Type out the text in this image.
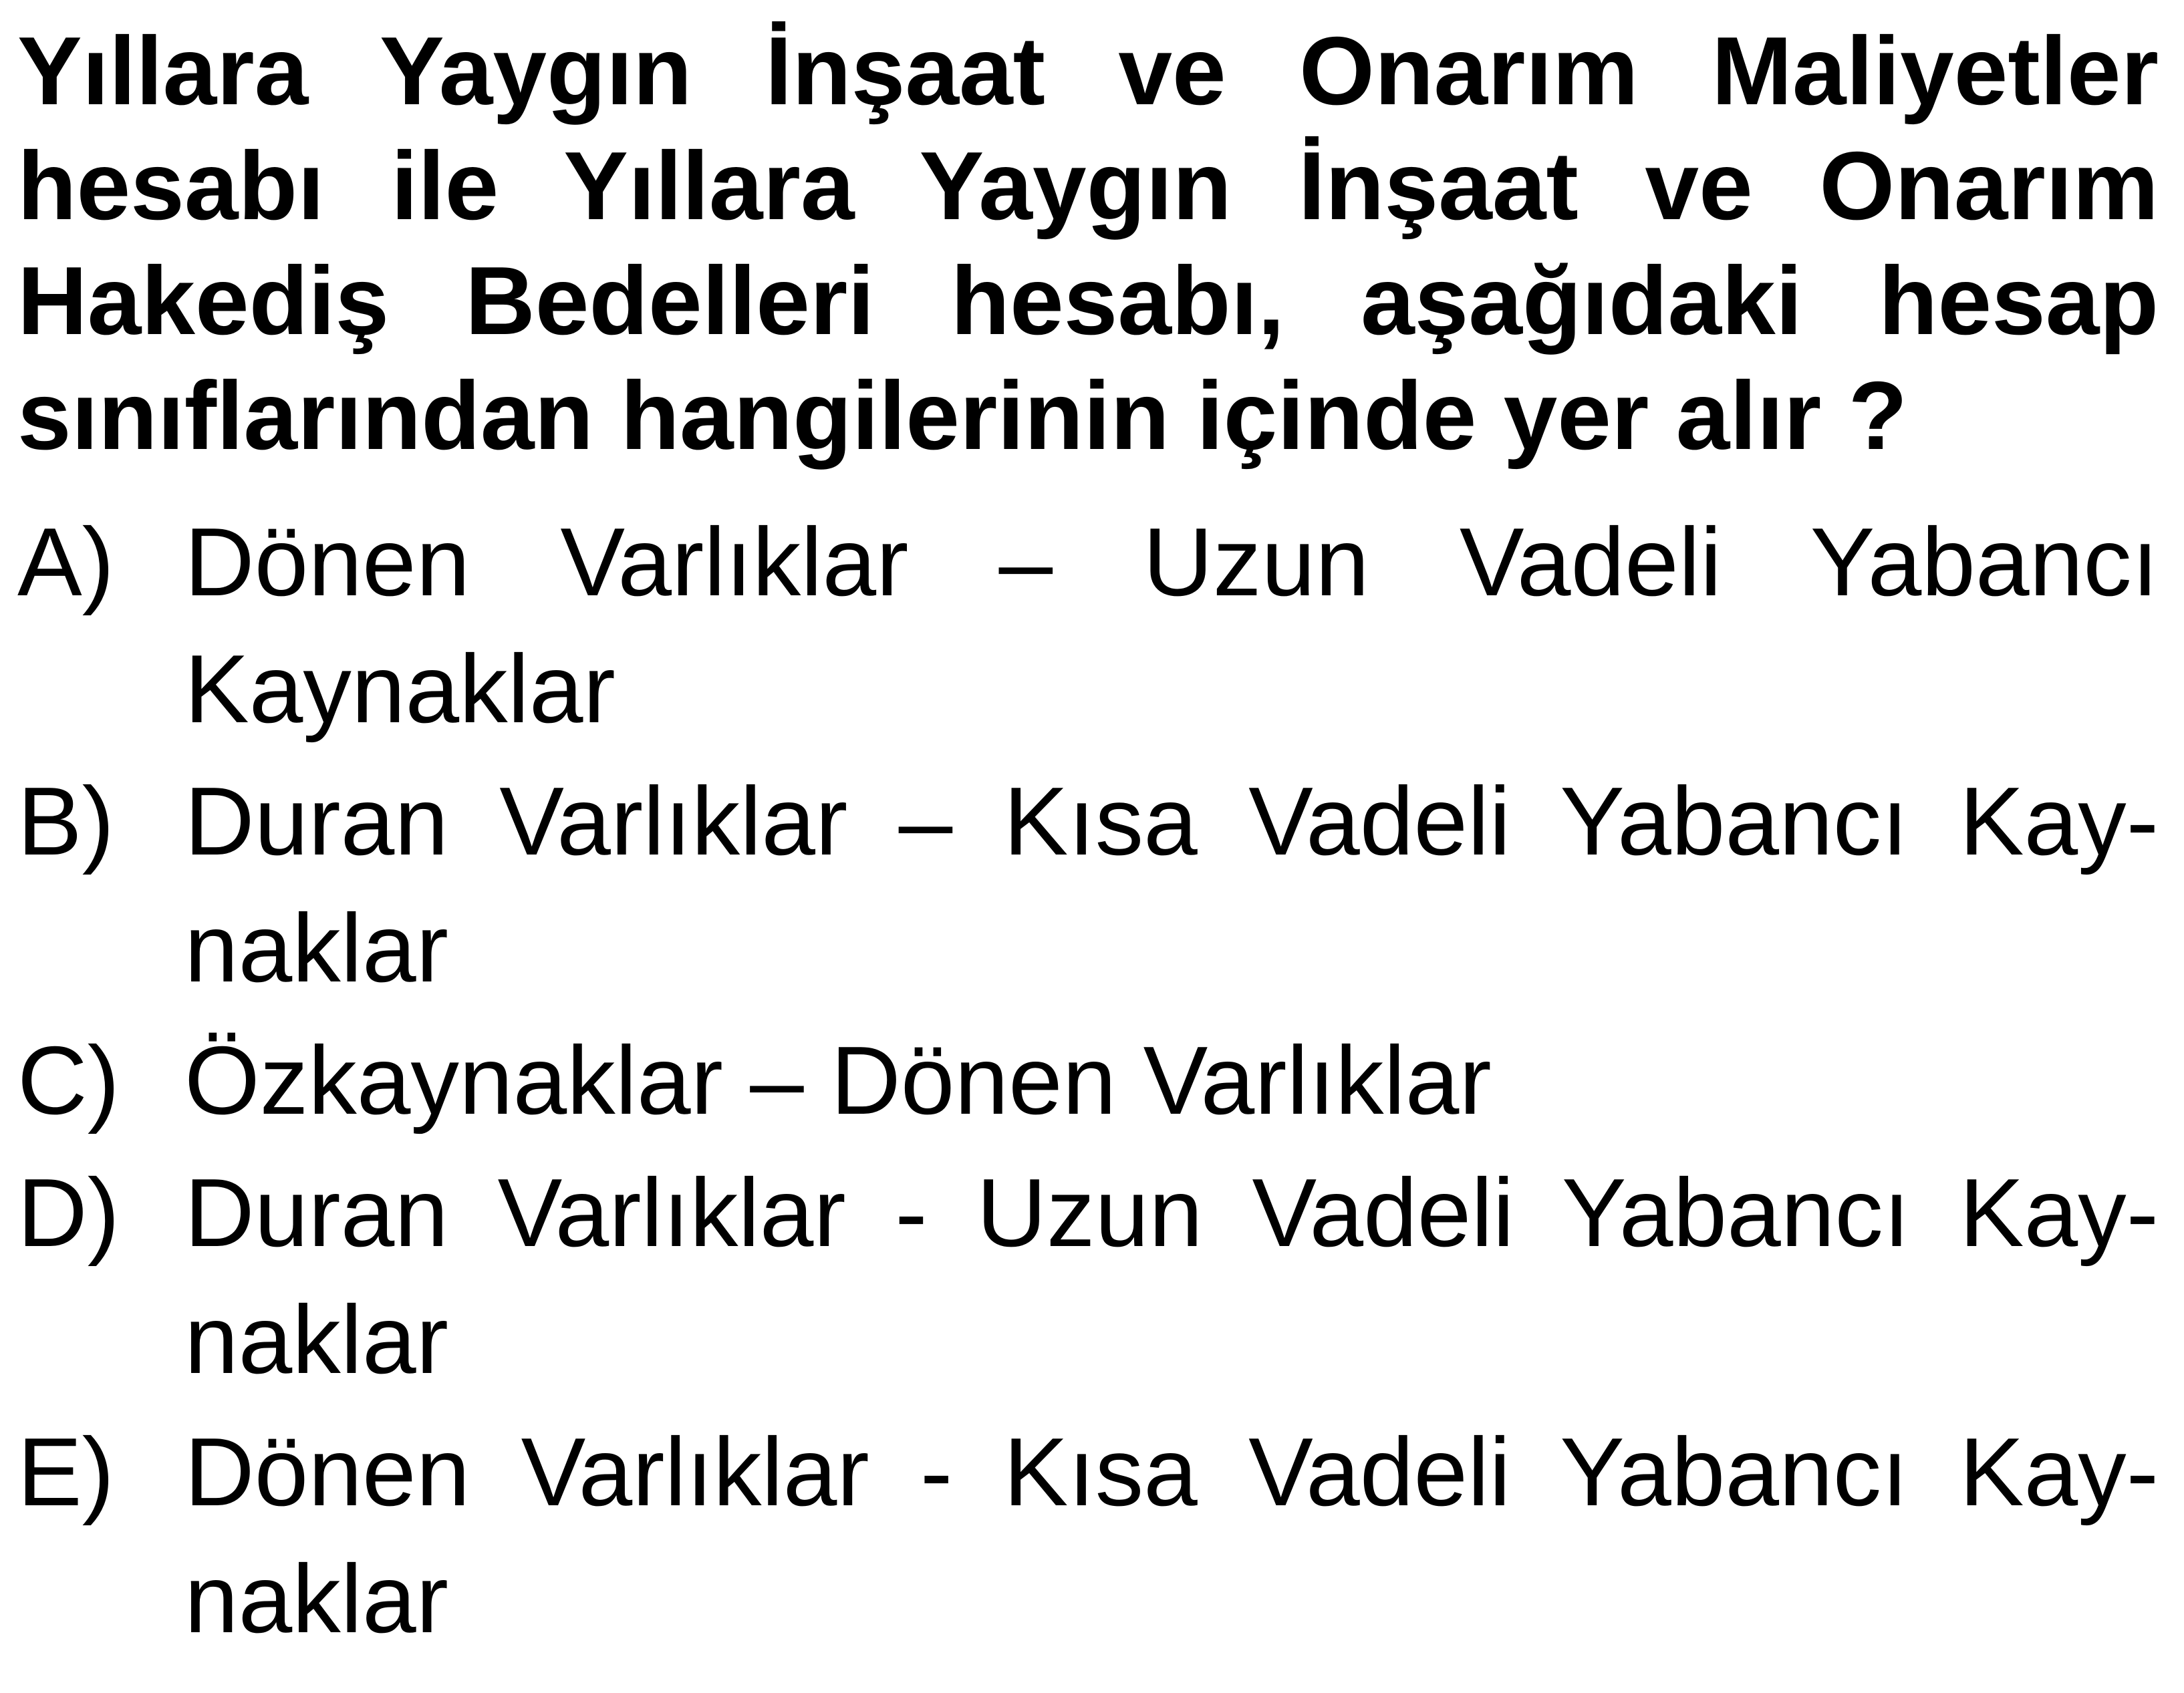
Yıllara Yaygın İnşaat ve Onarım Maliyetler
hesabı ile Yıllara Yaygın İnşaat ve Onarım
Hakediş Bedelleri hesabı, aşağıdaki hesap
sınıflarından hangilerinin içinde yer alır ?
A) Dönen Varlıklar – Uzun Vadeli Yabancı
Kaynaklar
B) Duran Varlıklar – Kısa Vadeli Yabancı Kay-
naklar
C) Özkaynaklar – Dönen Varlıklar
D) Duran Varlıklar - Uzun Vadeli Yabancı Kay-
naklar
E) Dönen Varlıklar - Kısa Vadeli Yabancı Kay-
naklar
